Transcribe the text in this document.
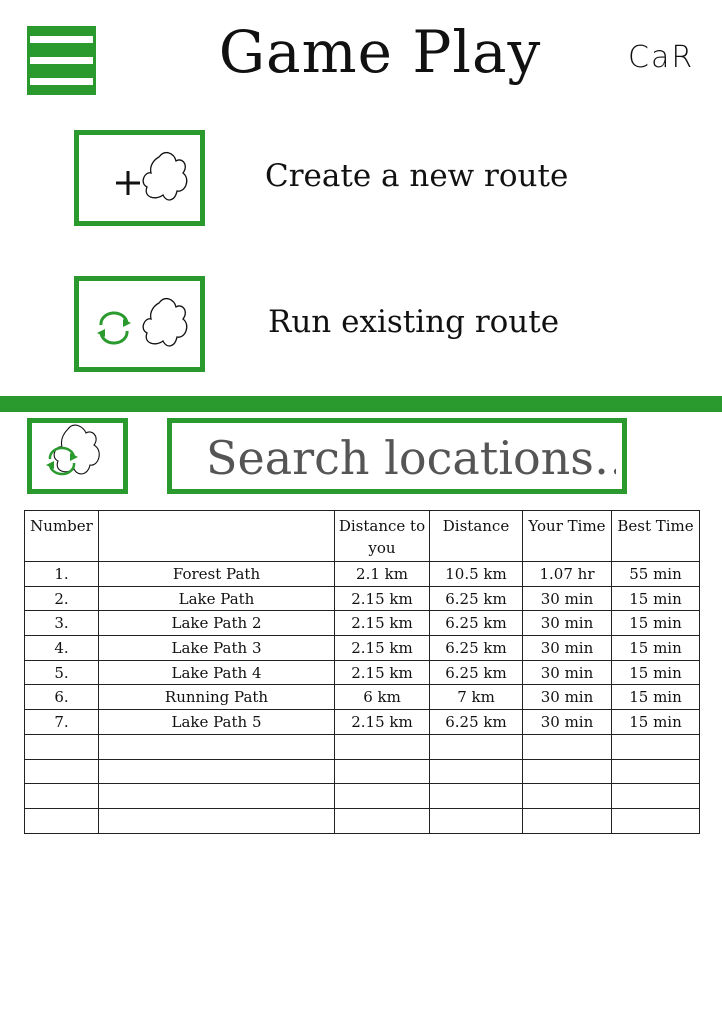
Game Play	CaR
Create a new route
Run existing route
Search locations…
Number		Distance to you	Distance	Your Time	Best Time
1.	Forest Path	2.1 km	10.5 km	1.07 hr	55 min
2.	Lake Path	2.15 km	6.25 km	30 min	15 min
3.	Lake Path 2	2.15 km	6.25 km	30 min	15 min
4.	Lake Path 3	2.15 km	6.25 km	30 min	15 min
5.	Lake Path 4	2.15 km	6.25 km	30 min	15 min
6.	Running Path	6 km	7 km	30 min	15 min
7.	Lake Path 5	2.15 km	6.25 km	30 min	15 min
